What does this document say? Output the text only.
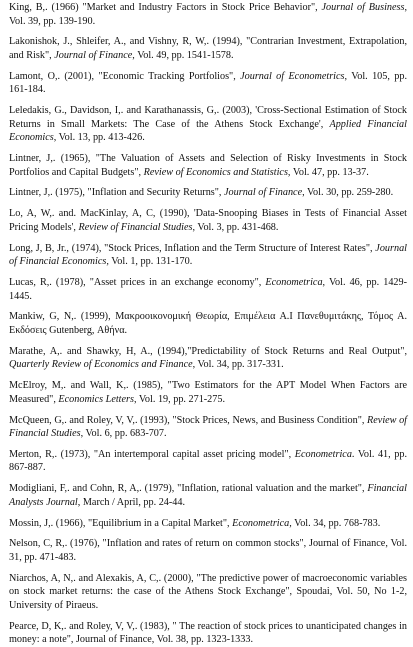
King, B,. (1966) "Market and Industry Factors in Stock Price Behavior", Journal of Business, Vol. 39, pp. 139-190.
Lakonishok, J., Shleifer, A., and Vishny, R, W,. (1994), "Contrarian Investment, Extrapolation, and Risk", Journal of Finance, Vol. 49, pp. 1541-1578.
Lamont, O,. (2001), "Economic Tracking Portfolios", Journal of Econometrics, Vol. 105, pp. 161-184.
Leledakis, G., Davidson, I,. and Karathanassis, G,. (2003), 'Cross-Sectional Estimation of Stock Returns in Small Markets: The Case of the Athens Stock Exchange', Applied Financial Economics, Vol. 13, pp. 413-426.
Lintner, J,. (1965), "The Valuation of Assets and Selection of Risky Investments in Stock Portfolios and Capital Budgets", Review of Economics and Statistics, Vol. 47, pp. 13-37.
Lintner, J,. (1975), "Inflation and Security Returns", Journal of Finance, Vol. 30, pp. 259-280.
Lo, A, W,. and. MacKinlay, A, C, (1990), 'Data-Snooping Biases in Tests of Financial Asset Pricing Models', Review of Financial Studies, Vol. 3, pp. 431-468.
Long, J, B, Jr., (1974), "Stock Prices, Inflation and the Term Structure of Interest Rates", Journal of Financial Economics, Vol. 1, pp. 131-170.
Lucas, R,. (1978), "Asset prices in an exchange economy", Econometrica, Vol. 46, pp. 1429-1445.
Mankiw, G, N,. (1999), Μακροοικονομική Θεωρία, Επιμέλεια Α.Ι Πανεθυμιτάκης, Τόμος Α. Εκδόσεις Gutenberg, Αθήνα.
Marathe, A,. and Shawky, H, A., (1994),"Predictability of Stock Returns and Real Output", Quarterly Review of Economics and Finance, Vol. 34, pp. 317-331.
McElroy, M,. and Wall, K,. (1985), "Two Estimators for the APT Model When Factors are Measured", Economics Letters, Vol. 19, pp. 271-275.
McQueen, G,. and Roley, V, V,. (1993), "Stock Prices, News, and Business Condition", Review of Financial Studies, Vol. 6, pp. 683-707.
Merton, R,. (1973), "An intertemporal capital asset pricing model", Econometrica. Vol. 41, pp. 867-887.
Modigliani, F,. and Cohn, R, A,. (1979), "Inflation, rational valuation and the market", Financial Analysts Journal, March / April, pp. 24-44.
Mossin, J,. (1966), "Equilibrium in a Capital Market", Econometrica, Vol. 34, pp. 768-783.
Nelson, C, R,. (1976), "Inflation and rates of return on common stocks", Journal of Finance, Vol. 31, pp. 471-483.
Niarchos, A, N,. and Alexakis, A, C,. (2000), "The predictive power of macroeconomic variables on stock market returns: the case of the Athens Stock Exchange", Spoudai, Vol. 50, No 1-2, University of Piraeus.
Pearce, D, K,. and Roley, V, V,. (1983), " The reaction of stock prices to unanticipated changes in money: a note", Journal of Finance, Vol. 38, pp. 1323-1333.
